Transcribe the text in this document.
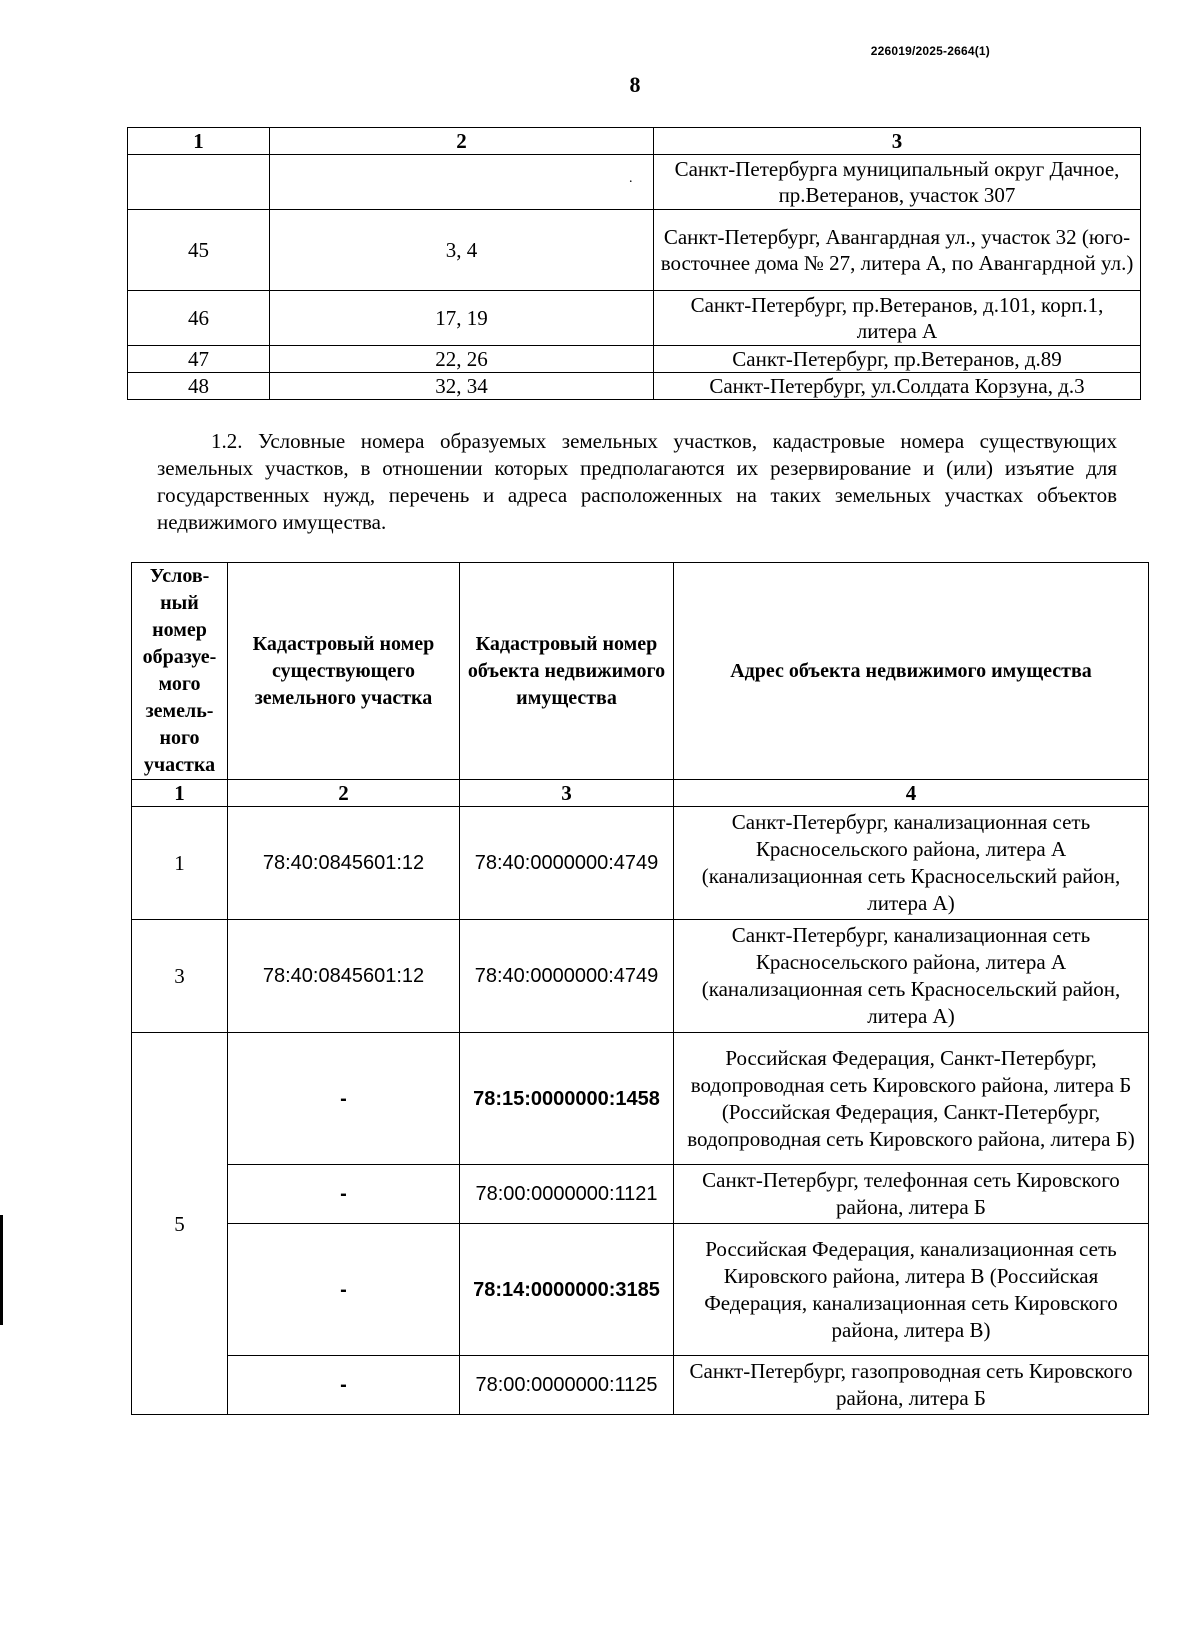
226019/2025-2664(1)
8
1	2	3
		Санкт-Петербурга муниципальный округ Дачное, пр.Ветеранов, участок 307
45	3, 4	Санкт-Петербург, Авангардная ул., участок 32 (юго-восточнее дома № 27, литера А, по Авангардной ул.)
46	17, 19	Санкт-Петербург, пр.Ветеранов, д.101, корп.1, литера А
47	22, 26	Санкт-Петербург, пр.Ветеранов, д.89
48	32, 34	Санкт-Петербург, ул.Солдата Корзуна, д.3
.
1.2. Условные номера образуемых земельных участков, кадастровые номера существующих земельных участков, в отношении которых предполагаются их резервирование и (или) изъятие для государственных нужд, перечень и адреса расположенных на таких земельных участках объектов недвижимого имущества.
Услов-ный номер образуе-мого земель-ного участка	Кадастровый номер существующего земельного участка	Кадастровый номер объекта недвижимого имущества	Адрес объекта недвижимого имущества
1	2	3	4
1	78:40:0845601:12	78:40:0000000:4749	Санкт-Петербург, канализационная сеть Красносельского района, литера А (канализационная сеть Красносельский район, литера А)
3	78:40:0845601:12	78:40:0000000:4749	Санкт-Петербург, канализационная сеть Красносельского района, литера А (канализационная сеть Красносельский район, литера А)
5	-	78:15:0000000:1458	Российская Федерация, Санкт-Петербург, водопроводная сеть Кировского района, литера Б (Российская Федерация, Санкт-Петербург, водопроводная сеть Кировского района, литера Б)
	-	78:00:0000000:1121	Санкт-Петербург, телефонная сеть Кировского района, литера Б
	-	78:14:0000000:3185	Российская Федерация, канализационная сеть Кировского района, литера В (Российская Федерация, канализационная сеть Кировского района, литера В)
	-	78:00:0000000:1125	Санкт-Петербург, газопроводная сеть Кировского района, литера Б
